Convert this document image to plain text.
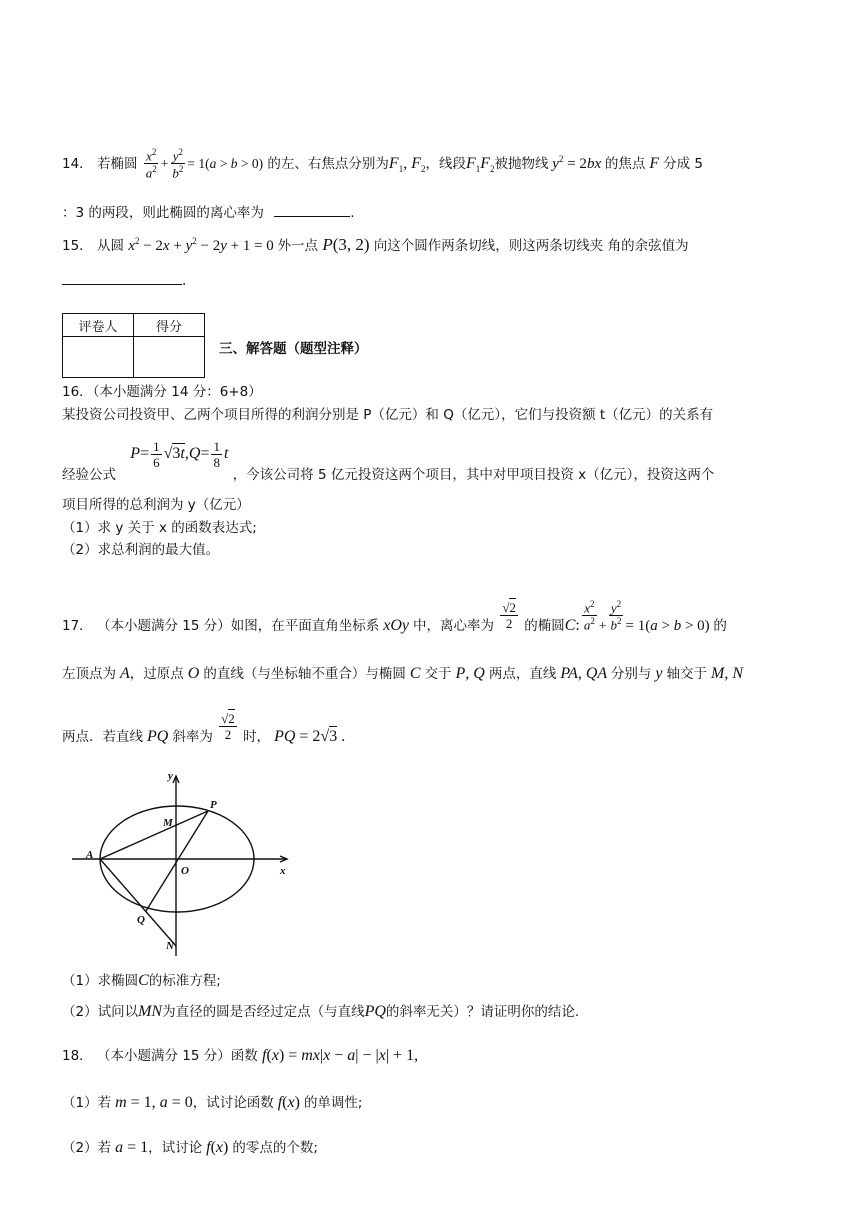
14． 若椭圆 $\frac{x^2}{a^2} + \frac{y^2}{b^2} = 1(a > b > 0)$ 的左、右焦点分别为$F_1$, $F_2$，线段$F_1F_2$被抛物线 $y^2 = 2bx$ 的焦点 F 分成 5
：3 的两段，则此椭圆的离心率为	.
15． 从圆 $x^2 - 2x + y^2 - 2y + 1 = 0$ 外一点 P(3, 2) 向这个圆作两条切线，则这两条切线夹 角的余弦值为
.
评卷人	得分

三、解答题（题型注释）
16．（本小题满分 14 分：6+8）
某投资公司投资甲、乙两个项目所得的利润分别是 P（亿元）和 Q（亿元），它们与投资额 t（亿元）的关系有
经验公式 $P= \frac{1}{6} √3t,Q= \frac{1}{8}$ t ，今该公司将 5 亿元投资这两个项目，其中对甲项目投资 x（亿元），投资这两个
项目所得的总利润为 y（亿元）
（1）求 y 关于 x 的函数表达式;
（2）求总利润的最大值。
17． （本小题满分 15 分）如图，在平面直角坐标系 xOy 中，离心率为 $\frac{√2}{2}$ 的椭圆C: $\frac{x^2}{a^2} + \frac{y^2}{b^2} = 1(a > b > 0)$ 的
左顶点为 A，过原点 O 的直线（与坐标轴不重合）与椭圆 C 交于 P, Q 两点，直线 PA, QA 分别与 y 轴交于 M, N
两点．若直线 PQ 斜率为 $\frac{√2}{2}$ 时， PQ = 2√3 .
y
x
A
O
P
Q
M
N
（1）求椭圆C的标准方程;
（2）试问以MN为直径的圆是否经过定点（与直线PQ的斜率无关）？请证明你的结论.
18． （本小题满分 15 分）函数 f(x) = mx|x − a| − |x| + 1,
（1）若 m = 1, a = 0，试讨论函数 f(x) 的单调性;
（2）若 a = 1，试讨论 f(x) 的零点的个数;
